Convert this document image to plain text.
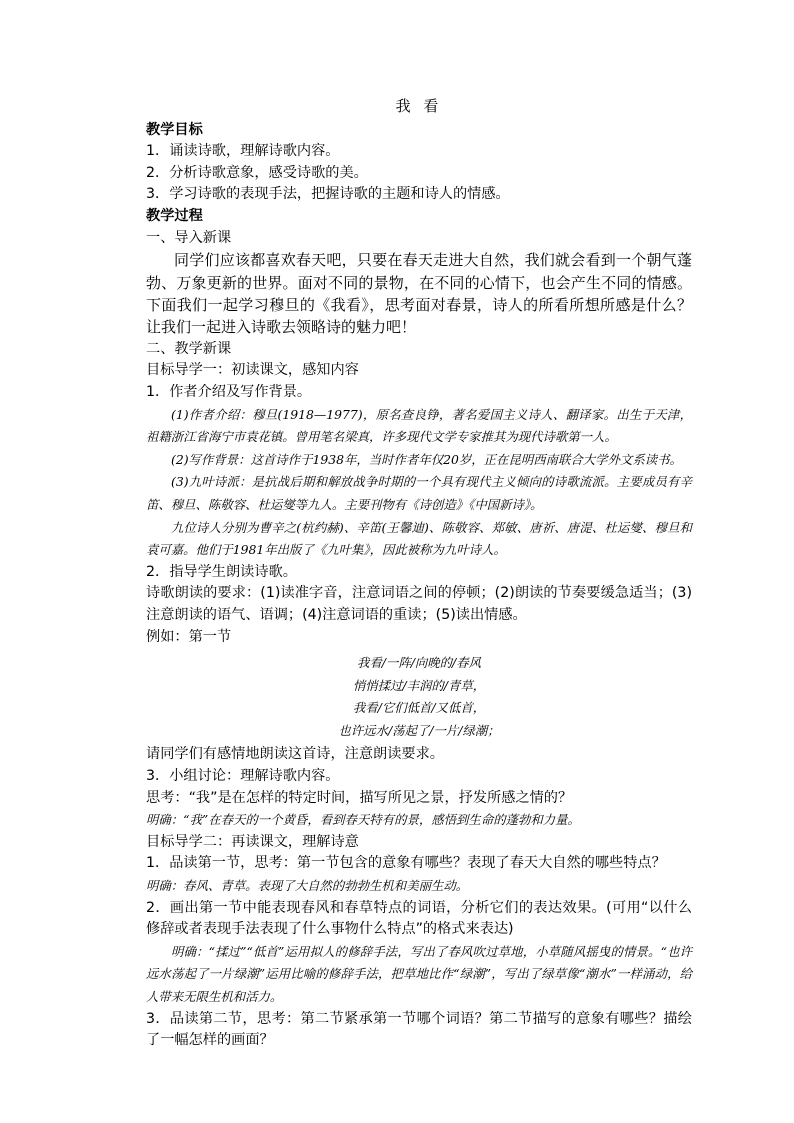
我 看

教学目标

1．诵读诗歌，理解诗歌内容。

2．分析诗歌意象，感受诗歌的美。

3．学习诗歌的表现手法，把握诗歌的主题和诗人的情感。

教学过程

一、导入新课

同学们应该都喜欢春天吧，只要在春天走进大自然，我们就会看到一个朝气蓬勃、万象更新的世界。面对不同的景物，在不同的心情下，也会产生不同的情感。下面我们一起学习穆旦的《我看》，思考面对春景，诗人的所看所想所感是什么？让我们一起进入诗歌去领略诗的魅力吧！

二、教学新课

目标导学一：初读课文，感知内容

1．作者介绍及写作背景。

(1)作者介绍：穆旦(1918—1977)，原名查良铮，著名爱国主义诗人、翻译家。出生于天津，祖籍浙江省海宁市袁花镇。曾用笔名梁真，许多现代文学专家推其为现代诗歌第一人。

(2)写作背景：这首诗作于1938年，当时作者年仅20岁，正在昆明西南联合大学外文系读书。

(3)九叶诗派：是抗战后期和解放战争时期的一个具有现代主义倾向的诗歌流派。主要成员有辛笛、穆旦、陈敬容、杜运燮等九人。主要刊物有《诗创造》《中国新诗》。

九位诗人分别为曹辛之(杭约赫)、辛笛(王馨迪)、陈敬容、郑敏、唐祈、唐湜、杜运燮、穆旦和袁可嘉。他们于1981年出版了《九叶集》，因此被称为九叶诗人。

2．指导学生朗读诗歌。

诗歌朗读的要求：(1)读准字音，注意词语之间的停顿；(2)朗读的节奏要缓急适当；(3)注意朗读的语气、语调；(4)注意词语的重读；(5)读出情感。

例如：第一节

我看/一阵/向晚的/春风

悄悄揉过/丰润的/青草，

我看/它们低首/又低首，

也许远水/荡起了/一片/绿潮；

请同学们有感情地朗读这首诗，注意朗读要求。

3．小组讨论：理解诗歌内容。

思考：“我”是在怎样的特定时间，描写所见之景，抒发所感之情的？

明确：“我”在春天的一个黄昏，看到春天特有的景，感悟到生命的蓬勃和力量。

目标导学二：再读课文，理解诗意

1．品读第一节，思考：第一节包含的意象有哪些？表现了春天大自然的哪些特点？

明确：春风、青草。表现了大自然的勃勃生机和美丽生动。

2．画出第一节中能表现春风和春草特点的词语，分析它们的表达效果。(可用“以什么修辞或者表现手法表现了什么事物什么特点”的格式来表达)

明确：“揉过”“低首”运用拟人的修辞手法，写出了春风吹过草地，小草随风摇曳的情景。“也许远水荡起了一片绿潮”运用比喻的修辞手法，把草地比作“绿潮”，写出了绿草像“潮水”一样涌动，给人带来无限生机和活力。

3．品读第二节，思考：第二节紧承第一节哪个词语？第二节描写的意象有哪些？描绘了一幅怎样的画面？
